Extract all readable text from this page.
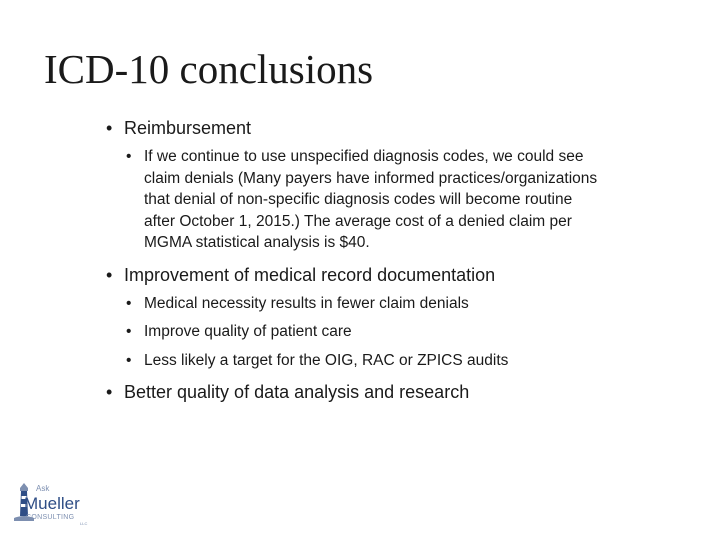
ICD-10 conclusions
• Reimbursement
• If we continue to use unspecified diagnosis codes, we could see claim denials (Many payers have informed practices/organizations that denial of non-specific diagnosis codes will become routine after October 1, 2015.) The average cost of a denied claim per MGMA statistical analysis is $40.
• Improvement of medical record documentation
• Medical necessity results in fewer claim denials
• Improve quality of patient care
• Less likely a target for the OIG, RAC or ZPICS audits
• Better quality of data analysis and research
Ask
Mueller
CONSULTING
LLC
